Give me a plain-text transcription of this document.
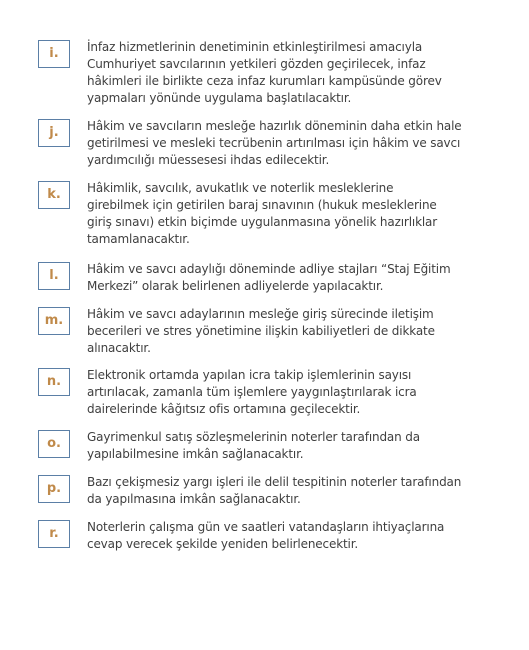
i.	İnfaz hizmetlerinin denetiminin etkinleştirilmesi amacıyla
Cumhuriyet savcılarının yetkileri gözden geçirilecek, infaz
hâkimleri ile birlikte ceza infaz kurumları kampüsünde görev
yapmaları yönünde uygulama başlatılacaktır.

j.	Hâkim ve savcıların mesleğe hazırlık döneminin daha etkin hale
getirilmesi ve mesleki tecrübenin artırılması için hâkim ve savcı
yardımcılığı müessesesi ihdas edilecektir.

k.	Hâkimlik, savcılık, avukatlık ve noterlik mesleklerine
girebilmek için getirilen baraj sınavının (hukuk mesleklerine
giriş sınavı) etkin biçimde uygulanmasına yönelik hazırlıklar
tamamlanacaktır.

l.	Hâkim ve savcı adaylığı döneminde adliye stajları “Staj Eğitim
Merkezi” olarak belirlenen adliyelerde yapılacaktır.

m.	Hâkim ve savcı adaylarının mesleğe giriş sürecinde iletişim
becerileri ve stres yönetimine ilişkin kabiliyetleri de dikkate
alınacaktır.

n.	Elektronik ortamda yapılan icra takip işlemlerinin sayısı
artırılacak, zamanla tüm işlemlere yaygınlaştırılarak icra
dairelerinde kâğıtsız ofis ortamına geçilecektir.

o.	Gayrimenkul satış sözleşmelerinin noterler tarafından da
yapılabilmesine imkân sağlanacaktır.

p.	Bazı çekişmesiz yargı işleri ile delil tespitinin noterler tarafından
da yapılmasına imkân sağlanacaktır.

r.	Noterlerin çalışma gün ve saatleri vatandaşların ihtiyaçlarına
cevap verecek şekilde yeniden belirlenecektir.
